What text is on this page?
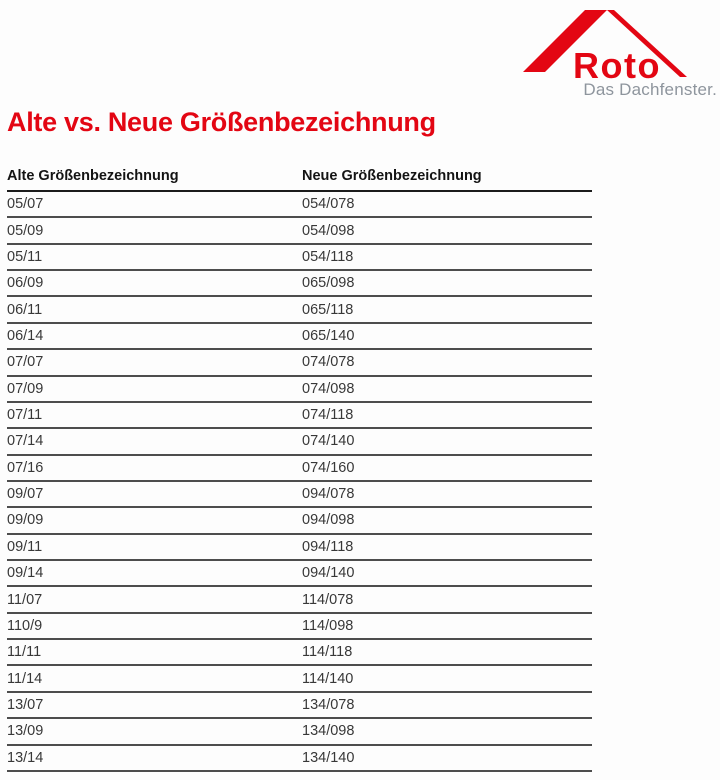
Roto
Das Dachfenster.
Alte vs. Neue Größenbezeichnung
Alte Größenbezeichnung	Neue Größenbezeichnung
05/07	054/078
05/09	054/098
05/11	054/118
06/09	065/098
06/11	065/118
06/14	065/140
07/07	074/078
07/09	074/098
07/11	074/118
07/14	074/140
07/16	074/160
09/07	094/078
09/09	094/098
09/11	094/118
09/14	094/140
11/07	114/078
110/9	114/098
11/11	114/118
11/14	114/140
13/07	134/078
13/09	134/098
13/14	134/140
